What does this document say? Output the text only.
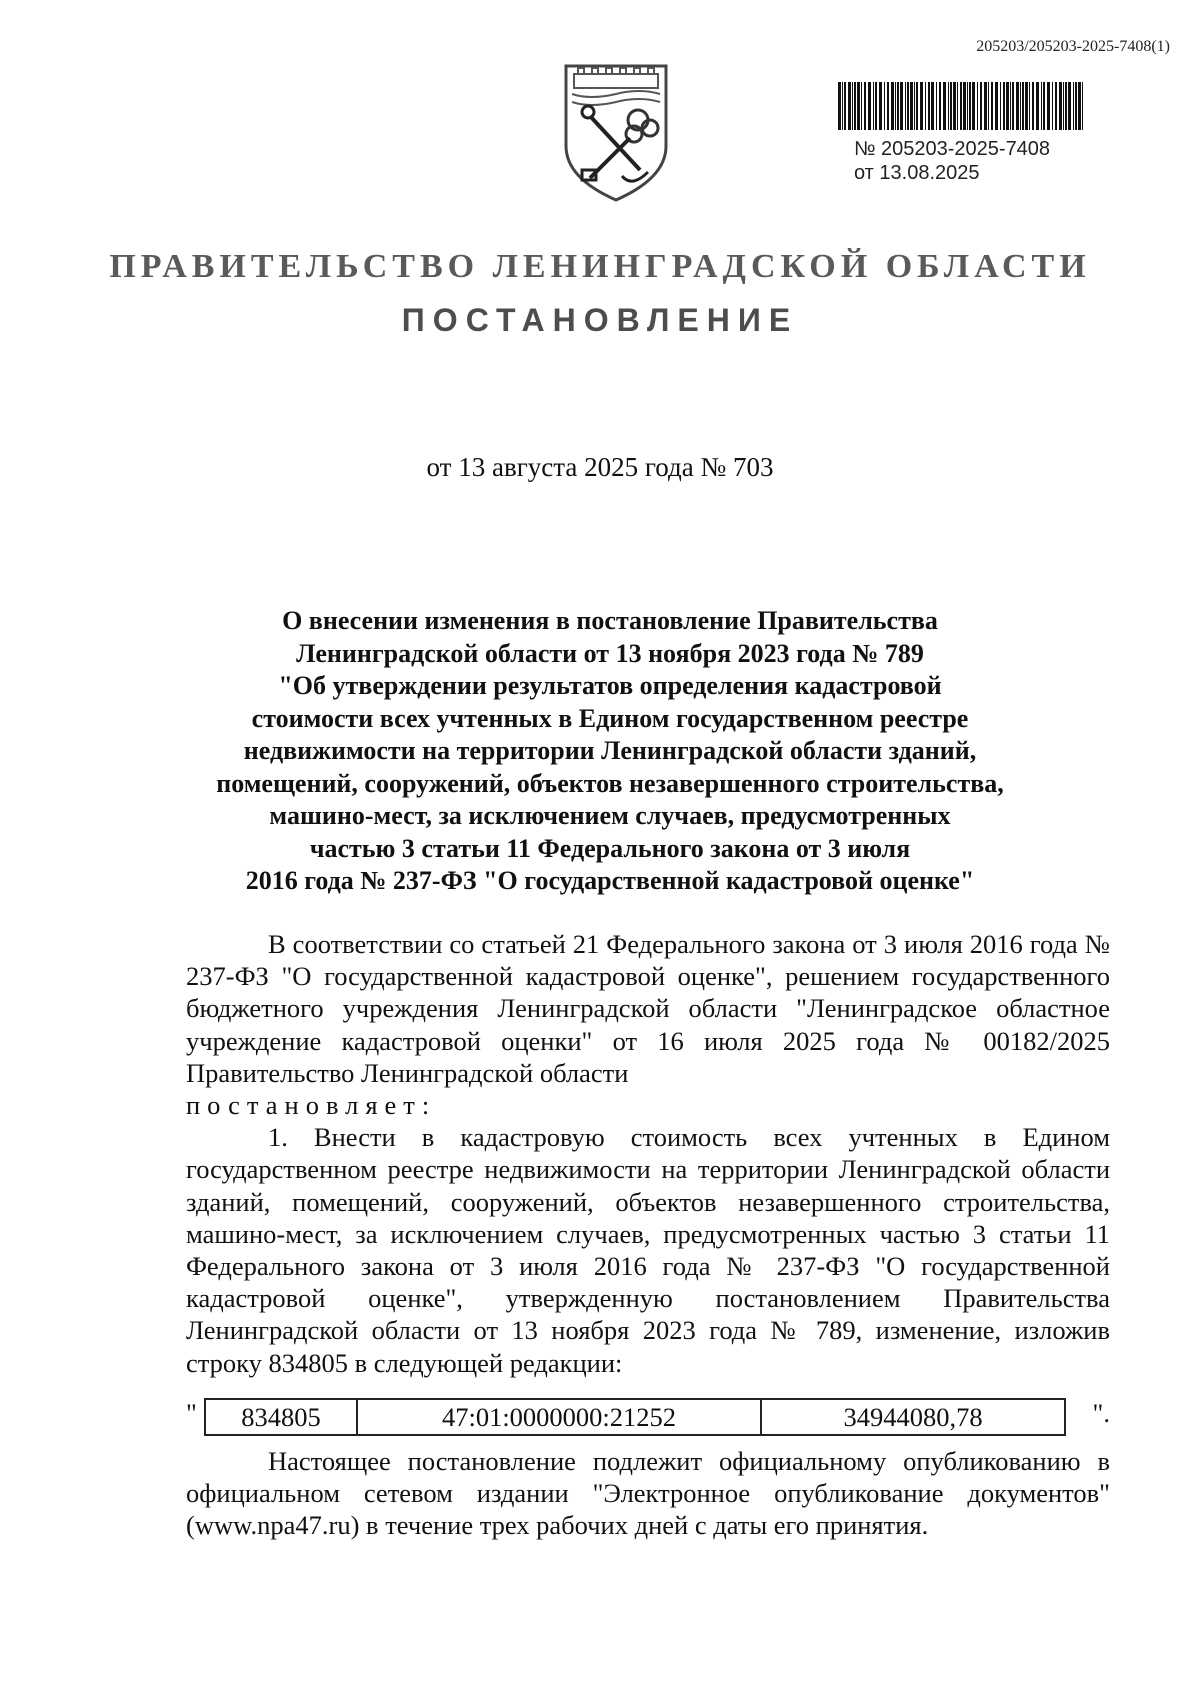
205203/205203-2025-7408(1)
№ 205203-2025-7408
от 13.08.2025
ПРАВИТЕЛЬСТВО ЛЕНИНГРАДСКОЙ ОБЛАСТИ
ПОСТАНОВЛЕНИЕ
от 13 августа 2025 года № 703
О внесении изменения в постановление Правительства
Ленинградской области от 13 ноября 2023 года № 789
"Об утверждении результатов определения кадастровой
стоимости всех учтенных в Едином государственном реестре
недвижимости на территории Ленинградской области зданий,
помещений, сооружений, объектов незавершенного строительства,
машино-мест, за исключением случаев, предусмотренных
частью 3 статьи 11 Федерального закона от 3 июля
2016 года № 237-ФЗ "О государственной кадастровой оценке"

В соответствии со статьей 21 Федерального закона от 3 июля 2016 года № 237-ФЗ "О государственной кадастровой оценке", решением государственного бюджетного учреждения Ленинградской области "Ленинградское областное учреждение кадастровой оценки" от 16 июля 2025 года № 00182/2025 Правительство Ленинградской области

постановляет:

1. Внести в кадастровую стоимость всех учтенных в Едином государственном реестре недвижимости на территории Ленинградской области зданий, помещений, сооружений, объектов незавершенного строительства, машино-мест, за исключением случаев, предусмотренных частью 3 статьи 11 Федерального закона от 3 июля 2016 года № 237-ФЗ "О государственной кадастровой оценке", утвержденную постановлением Правительства Ленинградской области от 13 ноября 2023 года № 789, изменение, изложив строку 834805 в следующей редакции:

" 834805	47:01:0000000:21252	34944080,78	".

Настоящее постановление подлежит официальному опубликованию в официальном сетевом издании "Электронное опубликование документов" (www.npa47.ru) в течение трех рабочих дней с даты его принятия.
